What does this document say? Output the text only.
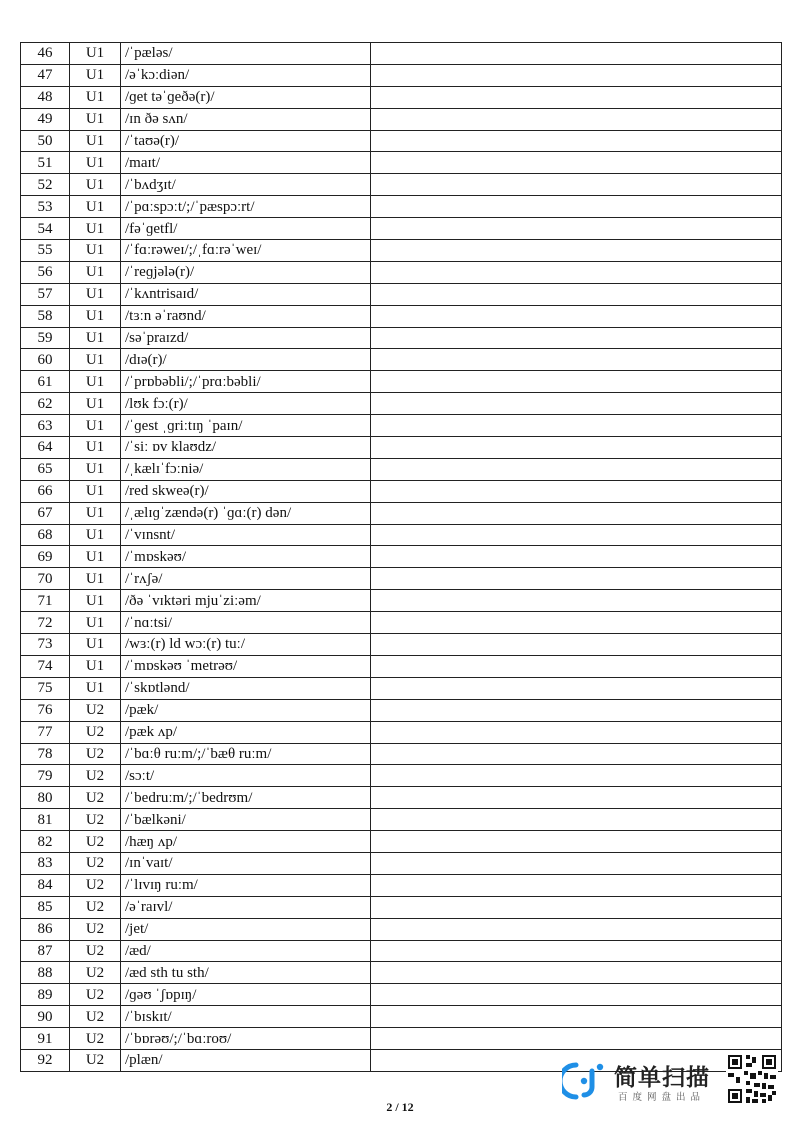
46	U1	/ˈpæləs/	
47	U1	/əˈkɔːdiən/	
48	U1	/ɡet təˈɡeðə(r)/	
49	U1	/ɪn ðə sʌn/	
50	U1	/ˈtaʊə(r)/	
51	U1	/maɪt/	
52	U1	/ˈbʌdʒɪt/	
53	U1	/ˈpɑːspɔːt/;/ˈpæspɔːrt/	
54	U1	/fəˈɡetfl/	
55	U1	/ˈfɑːrəweɪ/;/ˌfɑːrəˈweɪ/	
56	U1	/ˈreɡjələ(r)/	
57	U1	/ˈkʌntrisaɪd/	
58	U1	/tɜːn əˈraʊnd/	
59	U1	/səˈpraɪzd/	
60	U1	/dɪə(r)/	
61	U1	/ˈprɒbəbli/;/ˈprɑːbəbli/	
62	U1	/lʊk fɔː(r)/	
63	U1	/ˈɡest ˌɡriːtɪŋ ˈpaɪn/	
64	U1	/ˈsiː ɒv klaʊdz/	
65	U1	/ˌkælɪˈfɔːniə/	
66	U1	/red skweə(r)/	
67	U1	/ˌælɪɡˈzændə(r) ˈɡɑː(r) dən/	
68	U1	/ˈvɪnsnt/	
69	U1	/ˈmɒskəʊ/	
70	U1	/ˈrʌʃə/	
71	U1	/ðə ˈvɪktəri mjuˈziːəm/	
72	U1	/ˈnɑːtsi/	
73	U1	/wɜː(r) ld wɔː(r) tuː/	
74	U1	/ˈmɒskəʊ ˈmetrəʊ/	
75	U1	/ˈskɒtlənd/	
76	U2	/pæk/	
77	U2	/pæk ʌp/	
78	U2	/ˈbɑːθ ruːm/;/ˈbæθ ruːm/	
79	U2	/sɔːt/	
80	U2	/ˈbedruːm/;/ˈbedrʊm/	
81	U2	/ˈbælkəni/	
82	U2	/hæŋ ʌp/	
83	U2	/ɪnˈvaɪt/	
84	U2	/ˈlɪvɪŋ ruːm/	
85	U2	/əˈraɪvl/	
86	U2	/jet/	
87	U2	/æd/	
88	U2	/æd sth tu sth/	
89	U2	/ɡəʊ ˈʃɒpɪŋ/	
90	U2	/ˈbɪskɪt/	
91	U2	/ˈbɒrəʊ/;/ˈbɑːroʊ/	
92	U2	/plæn/	
2 / 12
简单扫描
百度网盘出品
